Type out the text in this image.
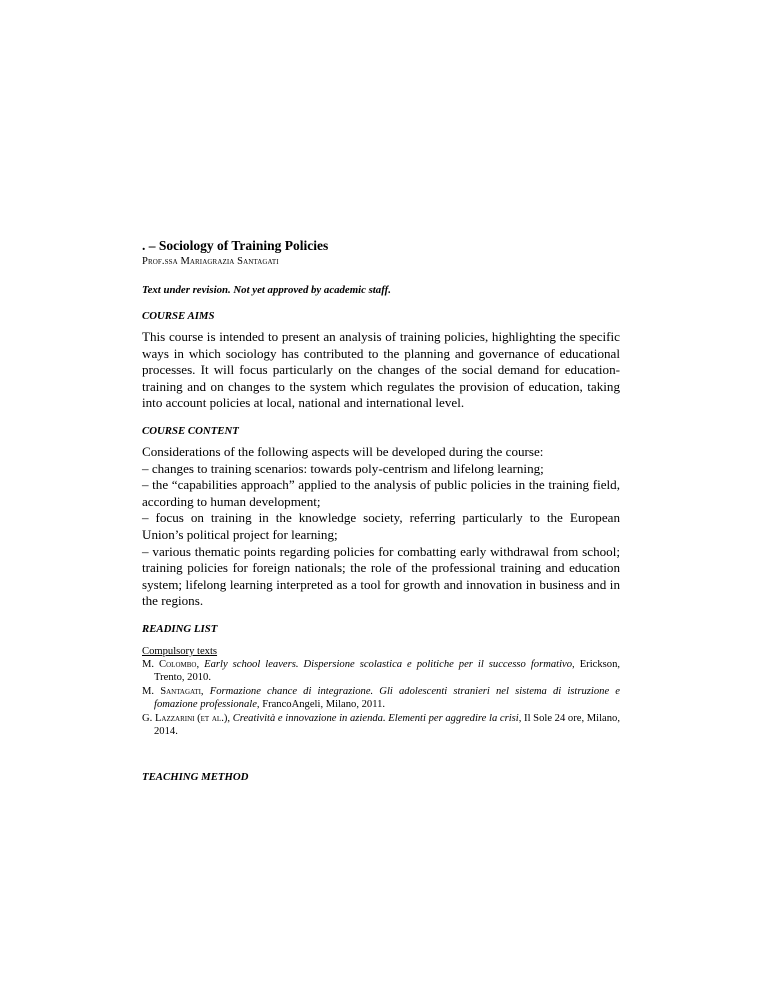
. – Sociology of Training Policies

Prof.ssa Mariagrazia Santagati

Text under revision. Not yet approved by academic staff.

COURSE AIMS

This course is intended to present an analysis of training policies, highlighting the specific ways in which sociology has contributed to the planning and governance of educational processes. It will focus particularly on the changes of the social demand for education-training and on changes to the system which regulates the provision of education, taking into account policies at local, national and international level.

COURSE CONTENT

Considerations of the following aspects will be developed during the course:

– changes to training scenarios: towards poly-centrism and lifelong learning;
– the “capabilities approach” applied to the analysis of public policies in the training field, according to human development;
– focus on training in the knowledge society, referring particularly to the European Union’s political project for learning;
– various thematic points regarding policies for combatting early withdrawal from school; training policies for foreign nationals; the role of the professional training and education system; lifelong learning interpreted as a tool for growth and innovation in business and in the regions.
READING LIST

Compulsory texts

M. Colombo, Early school leavers. Dispersione scolastica e politiche per il successo formativo, Erickson, Trento, 2010.

M. Santagati, Formazione chance di integrazione. Gli adolescenti stranieri nel sistema di istruzione e fomazione professionale, FrancoAngeli, Milano, 2011.

G. Lazzarini (et al.), Creatività e innovazione in azienda. Elementi per aggredire la crisi, Il Sole 24 ore, Milano, 2014.

TEACHING METHOD
